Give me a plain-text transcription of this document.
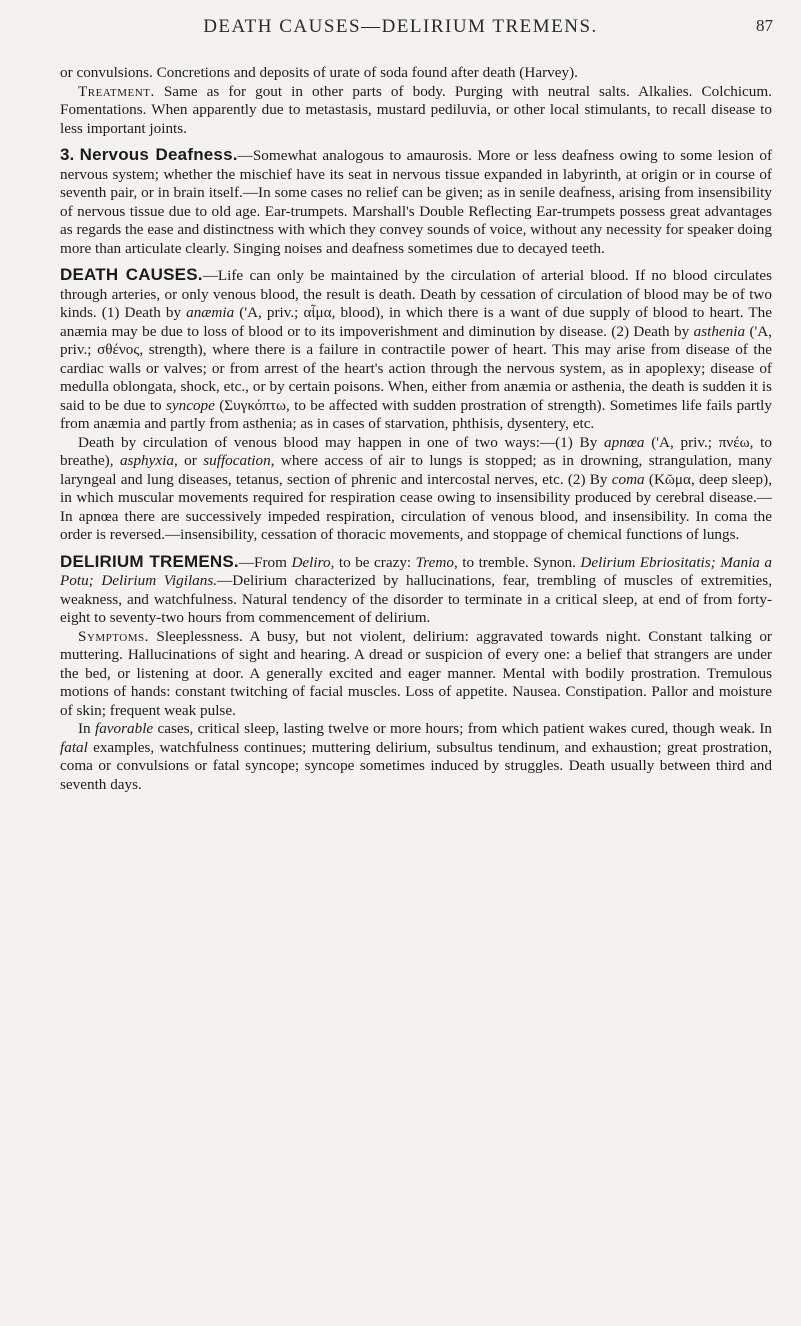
DEATH CAUSES—DELIRIUM TREMENS.	87

or convulsions. Concretions and deposits of urate of soda found after death (Harvey).

Treatment. Same as for gout in other parts of body. Purging with neutral salts. Alkalies. Colchicum. Fomentations. When apparently due to metastasis, mustard pediluvia, or other local stimulants, to recall disease to less important joints.

3. Nervous Deafness.—Somewhat analogous to amaurosis. More or less deafness owing to some lesion of nervous system; whether the mischief have its seat in nervous tissue expanded in labyrinth, at origin or in course of seventh pair, or in brain itself.—In some cases no relief can be given; as in senile deafness, arising from insensibility of nervous tissue due to old age. Ear-trumpets. Marshall's Double Reflecting Ear-trumpets possess great advantages as regards the ease and distinctness with which they convey sounds of voice, without any necessity for speaker doing more than articulate clearly. Singing noises and deafness sometimes due to decayed teeth.

DEATH CAUSES.—Life can only be maintained by the circulation of arterial blood. If no blood circulates through arteries, or only venous blood, the result is death. Death by cessation of circulation of blood may be of two kinds. (1) Death by anæmia ('A, priv.; αἷμα, blood), in which there is a want of due supply of blood to heart. The anæmia may be due to loss of blood or to its impoverishment and diminution by disease. (2) Death by asthenia ('A, priv.; σθένος, strength), where there is a failure in contractile power of heart. This may arise from disease of the cardiac walls or valves; or from arrest of the heart's action through the nervous system, as in apoplexy; disease of medulla oblongata, shock, etc., or by certain poisons. When, either from anæmia or asthenia, the death is sudden it is said to be due to syncope (Συγκόπτω, to be affected with sudden prostration of strength). Sometimes life fails partly from anæmia and partly from asthenia; as in cases of starvation, phthisis, dysentery, etc.

Death by circulation of venous blood may happen in one of two ways:—(1) By apnœa ('A, priv.; πνέω, to breathe), asphyxia, or suffocation, where access of air to lungs is stopped; as in drowning, strangulation, many laryngeal and lung diseases, tetanus, section of phrenic and intercostal nerves, etc. (2) By coma (Κῶμα, deep sleep), in which muscular movements required for respiration cease owing to insensibility produced by cerebral disease.—In apnœa there are successively impeded respiration, circulation of venous blood, and insensibility. In coma the order is reversed.—insensibility, cessation of thoracic movements, and stoppage of chemical functions of lungs.

DELIRIUM TREMENS.—From Deliro, to be crazy: Tremo, to tremble. Synon. Delirium Ebriositatis; Mania a Potu; Delirium Vigilans.—Delirium characterized by hallucinations, fear, trembling of muscles of extremities, weakness, and watchfulness. Natural tendency of the disorder to terminate in a critical sleep, at end of from forty-eight to seventy-two hours from commencement of delirium.

Symptoms. Sleeplessness. A busy, but not violent, delirium: aggravated towards night. Constant talking or muttering. Hallucinations of sight and hearing. A dread or suspicion of every one: a belief that strangers are under the bed, or listening at door. A generally excited and eager manner. Mental with bodily prostration. Tremulous motions of hands: constant twitching of facial muscles. Loss of appetite. Nausea. Constipation. Pallor and moisture of skin; frequent weak pulse.

In favorable cases, critical sleep, lasting twelve or more hours; from which patient wakes cured, though weak. In fatal examples, watchfulness continues; muttering delirium, subsultus tendinum, and exhaustion; great prostration, coma or convulsions or fatal syncope; syncope sometimes induced by struggles. Death usually between third and seventh days.
